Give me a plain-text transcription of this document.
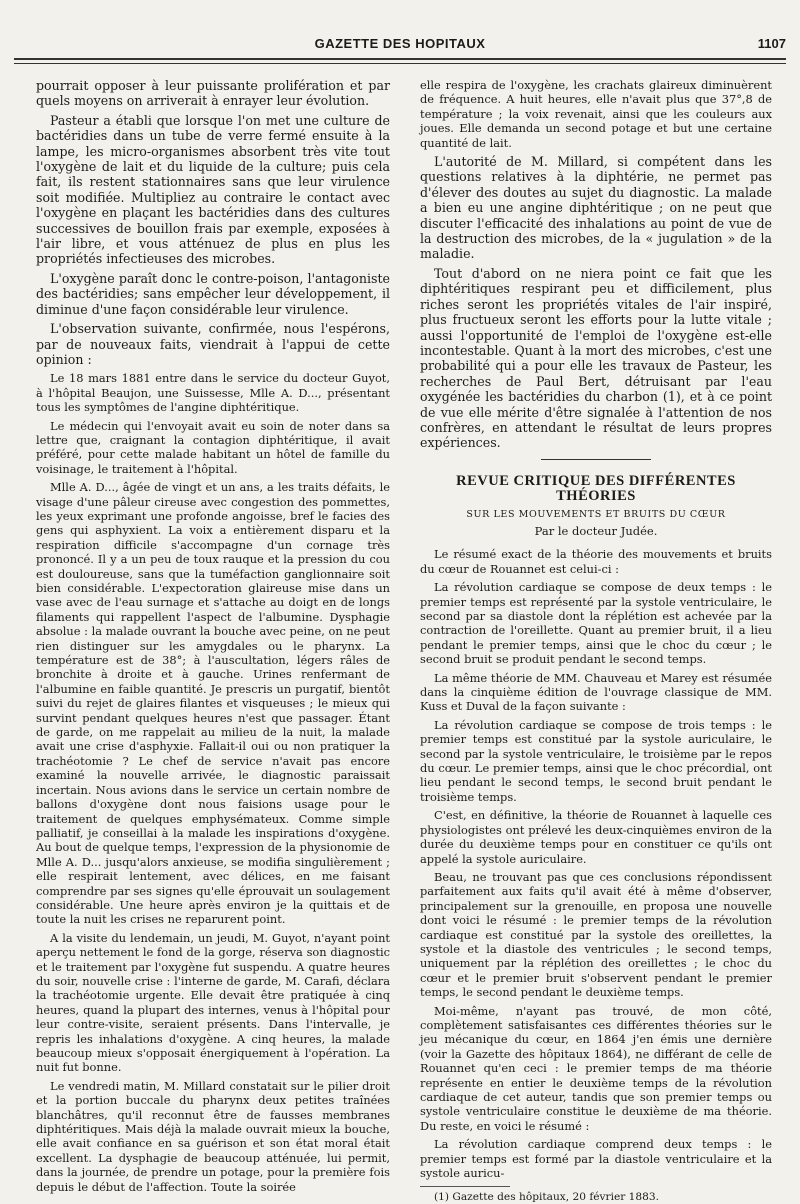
GAZETTE DES HOPITAUX	1107

pourrait opposer à leur puissante prolifération et par quels moyens on arriverait à enrayer leur évolution.

Pasteur a établi que lorsque l'on met une culture de bactéridies dans un tube de verre fermé ensuite à la lampe, les micro-organismes absorbent très vite tout l'oxygène de lait et du liquide de la culture; puis cela fait, ils restent stationnaires sans que leur virulence soit modifiée. Multipliez au contraire le contact avec l'oxygène en plaçant les bactéridies dans des cultures successives de bouillon frais par exemple, exposées à l'air libre, et vous atténuez de plus en plus les propriétés infectieuses des microbes.

L'oxygène paraît donc le contre-poison, l'antagoniste des bactéridies; sans empêcher leur développement, il diminue d'une façon considérable leur virulence.

L'observation suivante, confirmée, nous l'espérons, par de nouveaux faits, viendrait à l'appui de cette opinion :

Le 18 mars 1881 entre dans le service du docteur Guyot, à l'hôpital Beaujon, une Suissesse, Mlle A. D..., présentant tous les symptômes de l'angine diphtéritique.

Le médecin qui l'envoyait avait eu soin de noter dans sa lettre que, craignant la contagion diphtéritique, il avait préféré, pour cette malade habitant un hôtel de famille du voisinage, le traitement à l'hôpital.

Mlle A. D..., âgée de vingt et un ans, a les traits défaits, le visage d'une pâleur cireuse avec congestion des pommettes, les yeux exprimant une profonde angoisse, bref le facies des gens qui asphyxient. La voix a entièrement disparu et la respiration difficile s'accompagne d'un cornage très prononcé. Il y a un peu de toux rauque et la pression du cou est douloureuse, sans que la tuméfaction ganglionnaire soit bien considérable. L'expectoration glaireuse mise dans un vase avec de l'eau surnage et s'attache au doigt en de longs filaments qui rappellent l'aspect de l'albumine. Dysphagie absolue : la malade ouvrant la bouche avec peine, on ne peut rien distinguer sur les amygdales ou le pharynx. La température est de 38°; à l'auscultation, légers râles de bronchite à droite et à gauche. Urines renfermant de l'albumine en faible quantité. Je prescris un purgatif, bientôt suivi du rejet de glaires filantes et visqueuses ; le mieux qui survint pendant quelques heures n'est que passager. Étant de garde, on me rappelait au milieu de la nuit, la malade avait une crise d'asphyxie. Fallait-il oui ou non pratiquer la trachéotomie ? Le chef de service n'avait pas encore examiné la nouvelle arrivée, le diagnostic paraissait incertain. Nous avions dans le service un certain nombre de ballons d'oxygène dont nous faisions usage pour le traitement de quelques emphysémateux. Comme simple palliatif, je conseillai à la malade les inspirations d'oxygène. Au bout de quelque temps, l'expression de la physionomie de Mlle A. D... jusqu'alors anxieuse, se modifia singulièrement ; elle respirait lentement, avec délices, en me faisant comprendre par ses signes qu'elle éprouvait un soulagement considérable. Une heure après environ je la quittais et de toute la nuit les crises ne reparurent point.

A la visite du lendemain, un jeudi, M. Guyot, n'ayant point aperçu nettement le fond de la gorge, réserva son diagnostic et le traitement par l'oxygène fut suspendu. A quatre heures du soir, nouvelle crise : l'interne de garde, M. Carafi, déclara la trachéotomie urgente. Elle devait être pratiquée à cinq heures, quand la plupart des internes, venus à l'hôpital pour leur contre-visite, seraient présents. Dans l'intervalle, je repris les inhalations d'oxygène. A cinq heures, la malade beaucoup mieux s'opposait énergiquement à l'opération. La nuit fut bonne.

Le vendredi matin, M. Millard constatait sur le pilier droit et la portion buccale du pharynx deux petites traînées blanchâtres, qu'il reconnut être de fausses membranes diphtéritiques. Mais déjà la malade ouvrait mieux la bouche, elle avait confiance en sa guérison et son état moral était excellent. La dysphagie de beaucoup atténuée, lui permit, dans la journée, de prendre un potage, pour la première fois depuis le début de l'affection. Toute la soirée

elle respira de l'oxygène, les crachats glaireux diminuèrent de fréquence. A huit heures, elle n'avait plus que 37°,8 de température ; la voix revenait, ainsi que les couleurs aux joues. Elle demanda un second potage et but une certaine quantité de lait.

L'autorité de M. Millard, si compétent dans les questions relatives à la diphtérie, ne permet pas d'élever des doutes au sujet du diagnostic. La malade a bien eu une angine diphtéritique ; on ne peut que discuter l'efficacité des inhalations au point de vue de la destruction des microbes, de la « jugulation » de la maladie.

Tout d'abord on ne niera point ce fait que les diphtéritiques respirant peu et difficilement, plus riches seront les propriétés vitales de l'air inspiré, plus fructueux seront les efforts pour la lutte vitale ; aussi l'opportunité de l'emploi de l'oxygène est-elle incontestable. Quant à la mort des microbes, c'est une probabilité qui a pour elle les travaux de Pasteur, les recherches de Paul Bert, détruisant par l'eau oxygénée les bactéridies du charbon (1), et à ce point de vue elle mérite d'être signalée à l'attention de nos confrères, en attendant le résultat de leurs propres expériences.

REVUE CRITIQUE DES DIFFÉRENTES THÉORIES
SUR LES MOUVEMENTS ET BRUITS DU CŒUR
Par le docteur Judée.

Le résumé exact de la théorie des mouvements et bruits du cœur de Rouannet est celui-ci :

La révolution cardiaque se compose de deux temps : le premier temps est représenté par la systole ventriculaire, le second par sa diastole dont la réplétion est achevée par la contraction de l'oreillette. Quant au premier bruit, il a lieu pendant le premier temps, ainsi que le choc du cœur ; le second bruit se produit pendant le second temps.

La même théorie de MM. Chauveau et Marey est résumée dans la cinquième édition de l'ouvrage classique de MM. Kuss et Duval de la façon suivante :

La révolution cardiaque se compose de trois temps : le premier temps est constitué par la systole auriculaire, le second par la systole ventriculaire, le troisième par le repos du cœur. Le premier temps, ainsi que le choc précordial, ont lieu pendant le second temps, le second bruit pendant le troisième temps.

C'est, en définitive, la théorie de Rouannet à laquelle ces physiologistes ont prélevé les deux-cinquièmes environ de la durée du deuxième temps pour en constituer ce qu'ils ont appelé la systole auriculaire.

Beau, ne trouvant pas que ces conclusions répondissent parfaitement aux faits qu'il avait été à même d'observer, principalement sur la grenouille, en proposa une nouvelle dont voici le résumé : le premier temps de la révolution cardiaque est constitué par la systole des oreillettes, la systole et la diastole des ventricules ; le second temps, uniquement par la réplétion des oreillettes ; le choc du cœur et le premier bruit s'observent pendant le premier temps, le second pendant le deuxième temps.

Moi-même, n'ayant pas trouvé, de mon côté, complètement satisfaisantes ces différentes théories sur le jeu mécanique du cœur, en 1864 j'en émis une dernière (voir la Gazette des hôpitaux 1864), ne différant de celle de Rouannet qu'en ceci : le premier temps de ma théorie représente en entier le deuxième temps de la révolution cardiaque de cet auteur, tandis que son premier temps ou systole ventriculaire constitue le deuxième de ma théorie. Du reste, en voici le résumé :

La révolution cardiaque comprend deux temps : le premier temps est formé par la diastole ventriculaire et la systole auricu-

(1) Gazette des hôpitaux, 20 février 1883.
